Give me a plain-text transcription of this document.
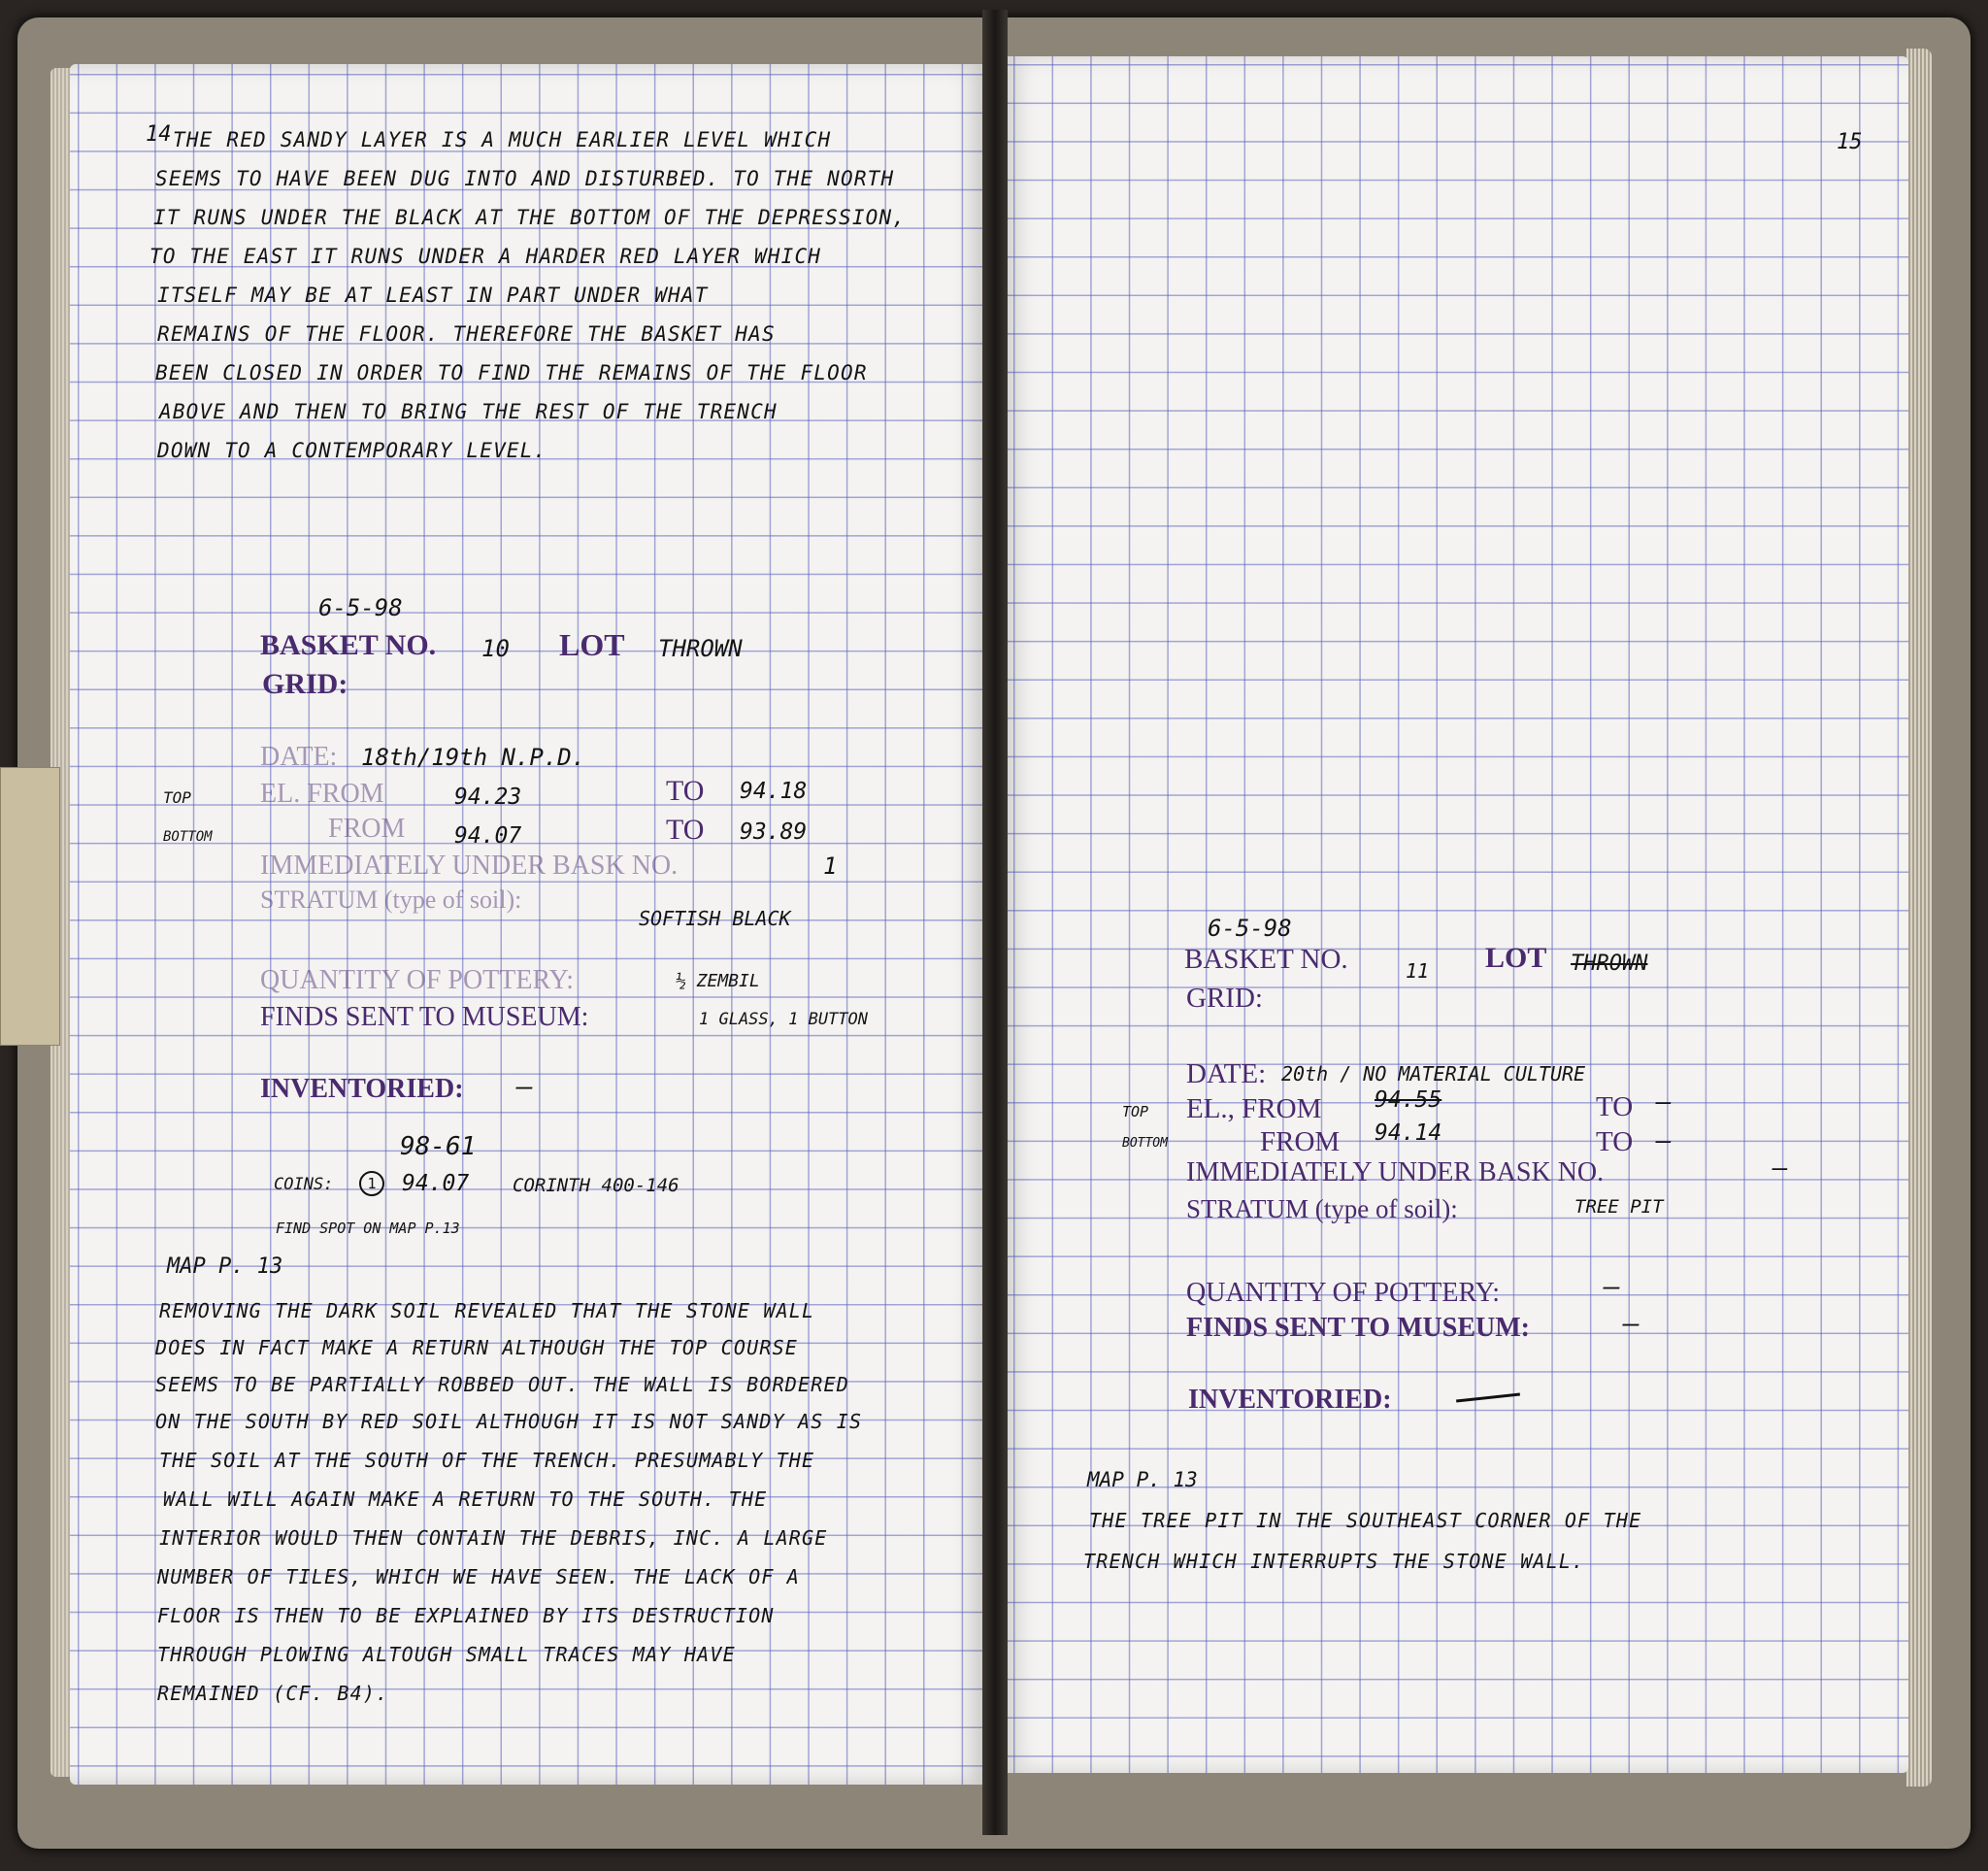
14 THE RED SANDY LAYER IS A MUCH EARLIER LEVEL WHICH
SEEMS TO HAVE BEEN DUG INTO AND DISTURBED. TO THE NORTH
IT RUNS UNDER THE BLACK AT THE BOTTOM OF THE DEPRESSION,
TO THE EAST IT RUNS UNDER A HARDER RED LAYER WHICH
ITSELF MAY BE AT LEAST IN PART UNDER WHAT
REMAINS OF THE FLOOR. THEREFORE THE BASKET HAS
BEEN CLOSED IN ORDER TO FIND THE REMAINS OF THE FLOOR
ABOVE AND THEN TO BRING THE REST OF THE TRENCH
DOWN TO A CONTEMPORARY LEVEL.
6-5-98
BASKET NO. 10 LOT THROWN
GRID:
DATE: 18th/19th N.P.D.
TOP	EL. FROM	94.23	TO 94.18
BOTTOM	FROM 94.07	TO 93.89
IMMEDIATELY UNDER BASK NO.	1
STRATUM (type of soil):
SOFTISH BLACK
QUANTITY OF POTTERY:	½ ZEMBIL
FINDS SENT TO MUSEUM:	1 GLASS, 1 BUTTON
INVENTORIED: —
98-61
COINS:	1	94.07 CORINTH 400-146
FIND SPOT ON MAP P.13
MAP P. 13
REMOVING THE DARK SOIL REVEALED THAT THE STONE WALL
DOES IN FACT MAKE A RETURN ALTHOUGH THE TOP COURSE
SEEMS TO BE PARTIALLY ROBBED OUT. THE WALL IS BORDERED
ON THE SOUTH BY RED SOIL ALTHOUGH IT IS NOT SANDY AS IS
THE SOIL AT THE SOUTH OF THE TRENCH. PRESUMABLY THE
WALL WILL AGAIN MAKE A RETURN TO THE SOUTH. THE
INTERIOR WOULD THEN CONTAIN THE DEBRIS, INC. A LARGE
NUMBER OF TILES, WHICH WE HAVE SEEN. THE LACK OF A
FLOOR IS THEN TO BE EXPLAINED BY ITS DESTRUCTION
THROUGH PLOWING ALTOUGH SMALL TRACES MAY HAVE
REMAINED (CF. B4).
15
6-5-98
BASKET NO.	11 LOT THROWN
GRID:
DATE: 20th / NO MATERIAL CULTURE
TOP EL., FROM 94.55	TO —
BOTTOM	FROM 94.14	TO —
IMMEDIATELY UNDER BASK NO.	—
STRATUM (type of soil):	TREE PIT
QUANTITY OF POTTERY:	—
FINDS SENT TO MUSEUM:	—
INVENTORIED:
MAP P. 13
THE TREE PIT IN THE SOUTHEAST CORNER OF THE
TRENCH WHICH INTERRUPTS THE STONE WALL.
